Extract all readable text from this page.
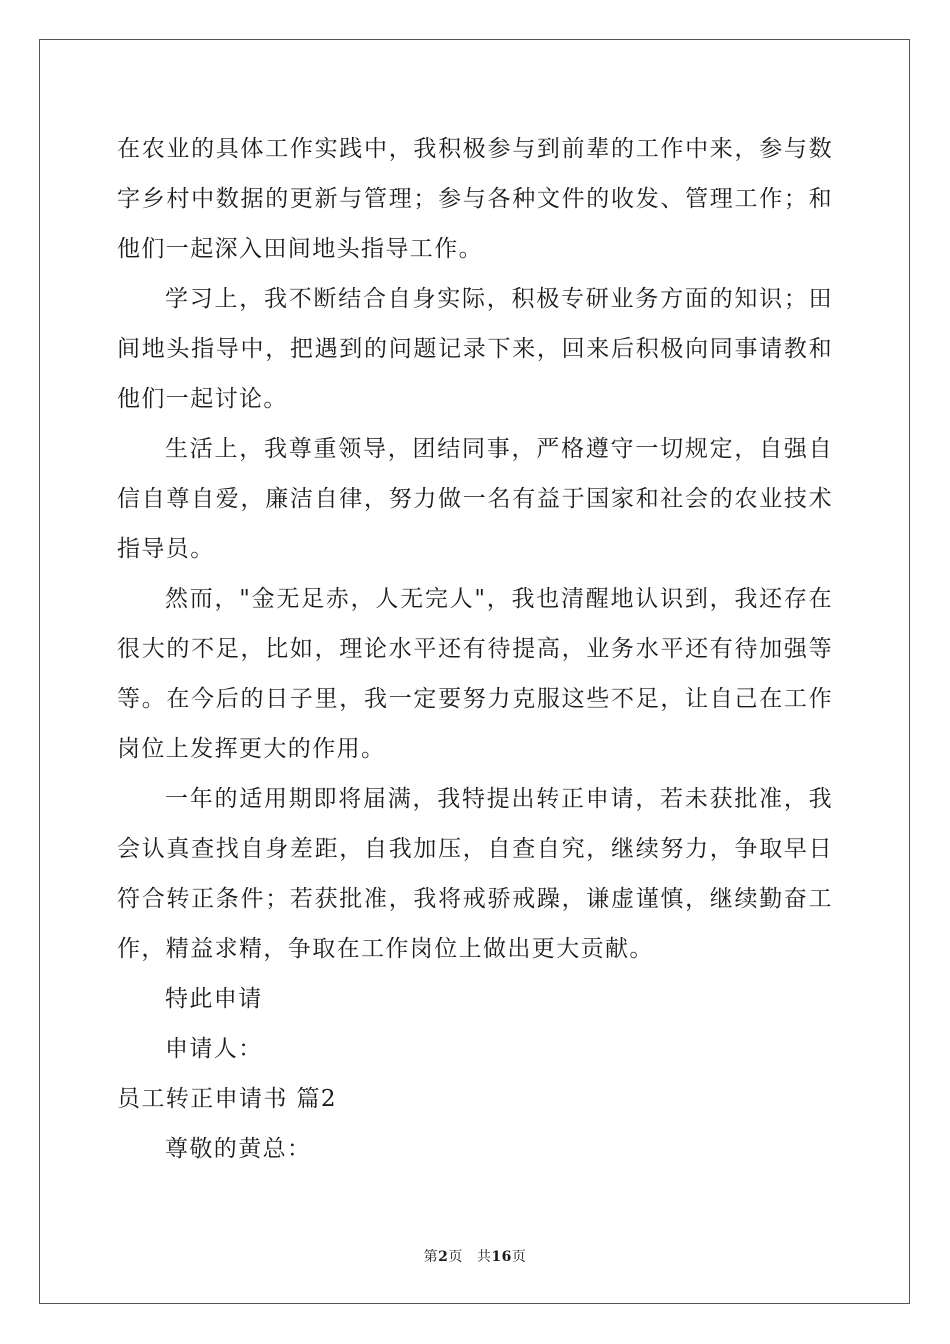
在农业的具体工作实践中，我积极参与到前辈的工作中来，参与数字乡村中数据的更新与管理；参与各种文件的收发、管理工作；和他们一起深入田间地头指导工作。

学习上，我不断结合自身实际，积极专研业务方面的知识；田间地头指导中，把遇到的问题记录下来，回来后积极向同事请教和他们一起讨论。

生活上，我尊重领导，团结同事，严格遵守一切规定，自强自信自尊自爱，廉洁自律，努力做一名有益于国家和社会的农业技术指导员。

然而，"金无足赤，人无完人"，我也清醒地认识到，我还存在很大的不足，比如，理论水平还有待提高，业务水平还有待加强等等。在今后的日子里，我一定要努力克服这些不足，让自己在工作岗位上发挥更大的作用。

一年的适用期即将届满，我特提出转正申请，若未获批准，我会认真查找自身差距，自我加压，自查自究，继续努力，争取早日符合转正条件；若获批准，我将戒骄戒躁，谦虚谨慎，继续勤奋工作，精益求精，争取在工作岗位上做出更大贡献。

特此申请

申请人：

员工转正申请书 篇2

尊敬的黄总：

第2页 共16页
